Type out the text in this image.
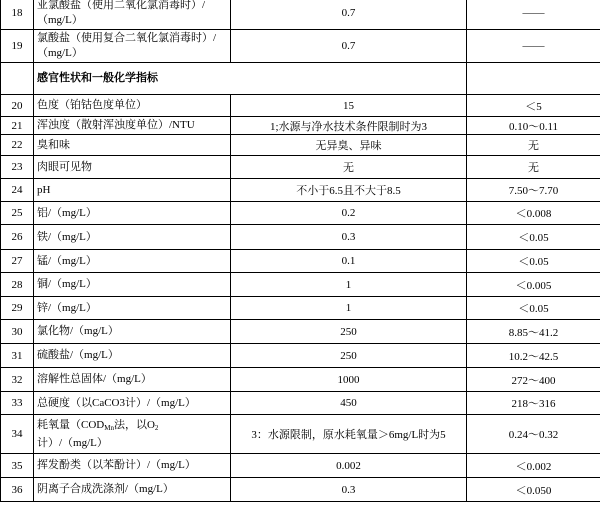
18	亚氯酸盐（使用二氧化氯消毒时）/（mg/L）	0.7	——
19	氯酸盐（使用复合二氧化氯消毒时）/（mg/L）	0.7	——
	感官性状和一般化学指标		
20	色度（铂钴色度单位）	15	＜5
21	浑浊度（散射浑浊度单位）/NTU	1;水源与净水技术条件限制时为3	0.10～0.11
22	臭和味	无异臭、异味	无
23	肉眼可见物	无	无
24	pH	不小于6.5且不大于8.5	7.50～7.70
25	铝/（mg/L）	0.2	＜0.008
26	铁/（mg/L）	0.3	＜0.05
27	锰/（mg/L）	0.1	＜0.05
28	铜/（mg/L）	1	＜0.005
29	锌/（mg/L）	1	＜0.05
30	氯化物/（mg/L）	250	8.85～41.2
31	硫酸盐/（mg/L）	250	10.2～42.5
32	溶解性总固体/（mg/L）	1000	272～400
33	总硬度（以CaCO3计）/（mg/L）	450	218～316
34	耗氧量（$COD_{Mn}$法，以$O_2$计）/（mg/L）	3：水源限制，原水耗氧量＞6mg/L时为5	0.24～0.32
35	挥发酚类（以苯酚计）/（mg/L）	0.002	＜0.002
36	阴离子合成洗涤剂/（mg/L）	0.3	＜0.050
